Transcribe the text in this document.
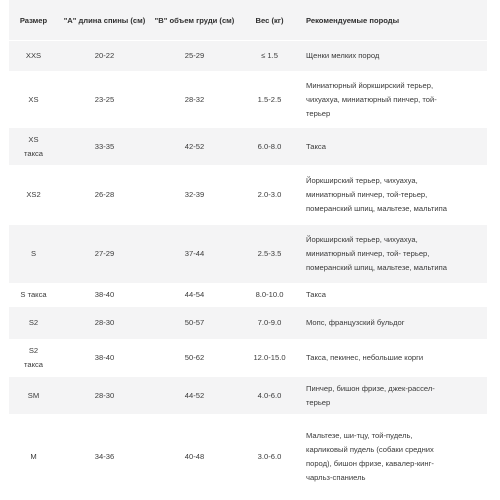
Размер	"A" длина спины (см)	"B" объем груди (см)	Вес (кг)	Рекомендуемые породы

XXS	20-22	25-29	≤ 1.5	Щенки мелких пород

XS	23-25	28-32	1.5-2.5	Миниатюрный йоркширский терьер,
чихуахуа, миниатюрный пинчер, той-
терьер

XS
такса	33-35	42-52	6.0-8.0	Такса

XS2	26-28	32-39	2.0-3.0	Йоркширский терьер, чихуахуа,
миниатюрный пинчер, той-терьер,
померанский шпиц, мальтезе, мальтипа

S	27-29	37-44	2.5-3.5	Йоркширский терьер, чихуахуа,
миниатюрный пинчер, той- терьер,
померанский шпиц, мальтезе, мальтипа

S такса	38-40	44-54	8.0-10.0	Такса

S2	28-30	50-57	7.0-9.0	Мопс, французский бульдог

S2
такса	38-40	50-62	12.0-15.0	Такса, пекинес, небольшие корги

SM	28-30	44-52	4.0-6.0	Пинчер, бишон фризе, джек-рассел-
терьер

M	34-36	40-48	3.0-6.0	Мальтезе, ши-тцу, той-пудель,
карликовый пудель (собаки средних
пород), бишон фризе, кавалер-кинг-
чарльз-спаниель
